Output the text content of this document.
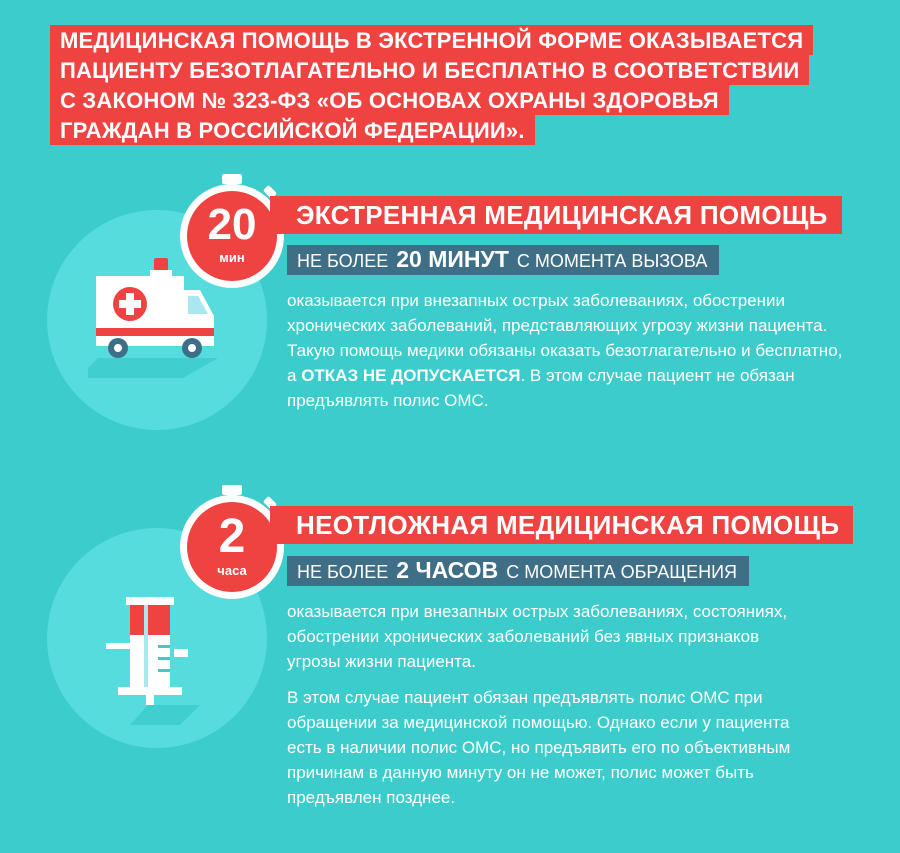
МЕДИЦИНСКАЯ ПОМОЩЬ В ЭКСТРЕННОЙ ФОРМЕ ОКАЗЫВАЕТСЯ
ПАЦИЕНТУ БЕЗОТЛАГАТЕЛЬНО И БЕСПЛАТНО В СООТВЕТСТВИИ
С ЗАКОНОМ № 323-ФЗ «ОБ ОСНОВАХ ОХРАНЫ ЗДОРОВЬЯ
ГРАЖДАН В РОССИЙСКОЙ ФЕДЕРАЦИИ».
20
мин
ЭКСТРЕННАЯ МЕДИЦИНСКАЯ ПОМОЩЬ
НЕ БОЛЕЕ 20 МИНУТ С МОМЕНТА ВЫЗОВА
оказывается при внезапных острых заболеваниях, обострении хронических заболеваний, представляющих угрозу жизни пациента. Такую помощь медики обязаны оказать безотлагательно и бесплатно, а ОТКАЗ НЕ ДОПУСКАЕТСЯ. В этом случае пациент не обязан предъявлять полис ОМС.
2
часа
НЕОТЛОЖНАЯ МЕДИЦИНСКАЯ ПОМОЩЬ
НЕ БОЛЕЕ 2 ЧАСОВ С МОМЕНТА ОБРАЩЕНИЯ

оказывается при внезапных острых заболеваниях, состояниях, обострении хронических заболеваний без явных признаков угрозы жизни пациента.

В этом случае пациент обязан предъявлять полис ОМС при обращении за медицинской помощью. Однако если у пациента есть в наличии полис ОМС, но предъявить его по объективным причинам в данную минуту он не может, полис может быть предъявлен позднее.
